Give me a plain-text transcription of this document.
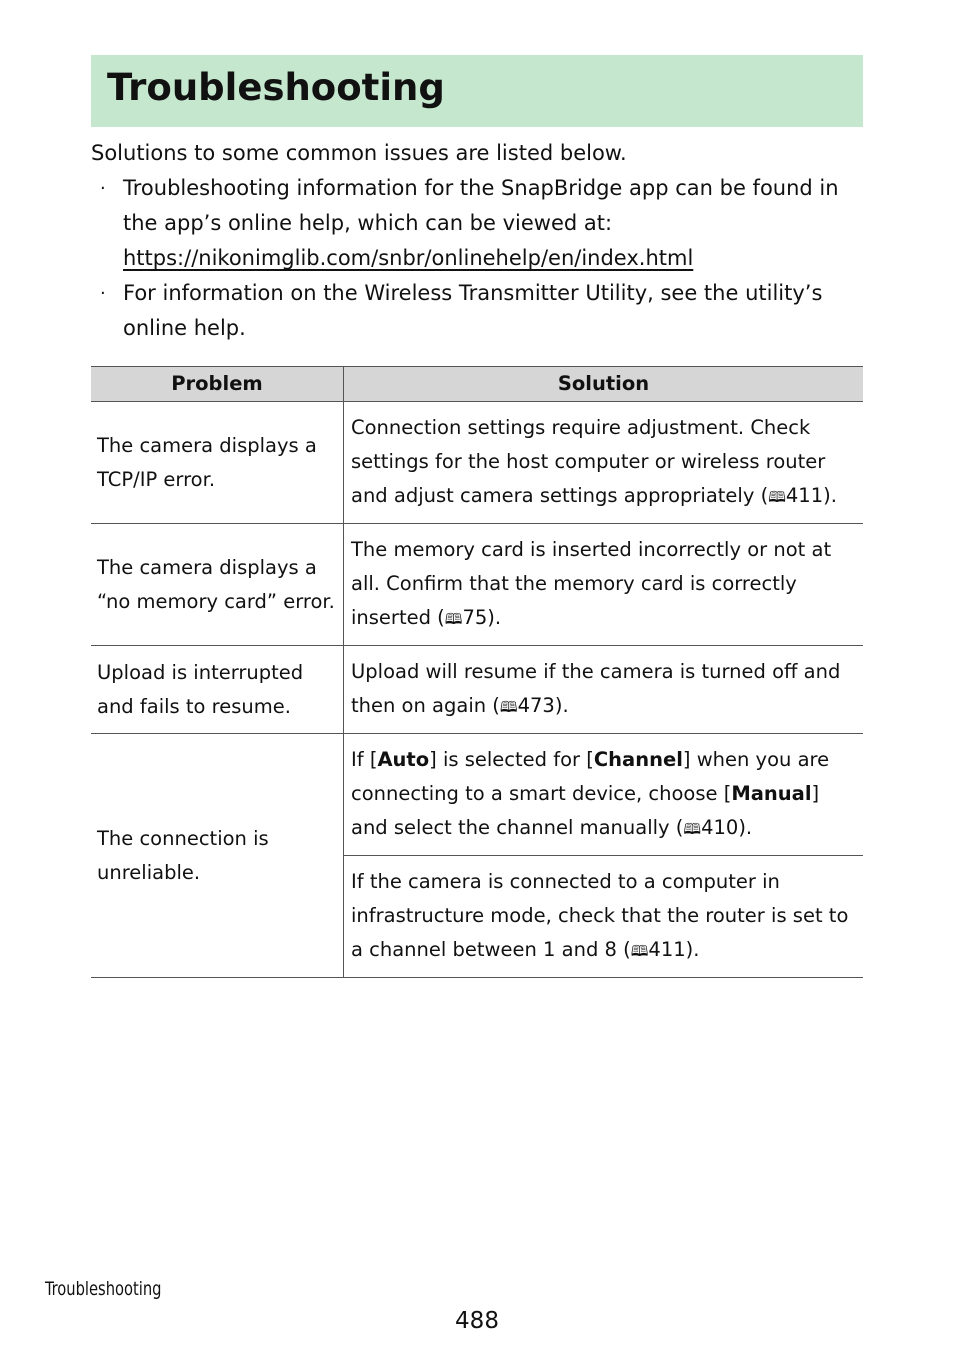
Troubleshooting

Solutions to some common issues are listed below.

· Troubleshooting information for the SnapBridge app can be found in the app’s online help, which can be viewed at:
https://nikonimglib.com/snbr/onlinehelp/en/index.html
· For information on the Wireless Transmitter Utility, see the utility’s online help.
Problem	Solution
The camera displays a TCP/IP error.	Connection settings require adjustment. Check settings for the host computer or wireless router and adjust camera settings appropriately (🕮411).
The camera displays a “no memory card” error.	The memory card is inserted incorrectly or not at all. Confirm that the memory card is correctly inserted (🕮75).
Upload is interrupted and fails to resume.	Upload will resume if the camera is turned off and then on again (🕮473).
The connection is unreliable.	If [Auto] is selected for [Channel] when you are connecting to a smart device, choose [Manual] and select the channel manually (🕮410).
	If the camera is connected to a computer in infrastructure mode, check that the router is set to a channel between 1 and 8 (🕮411).
Troubleshooting
488
